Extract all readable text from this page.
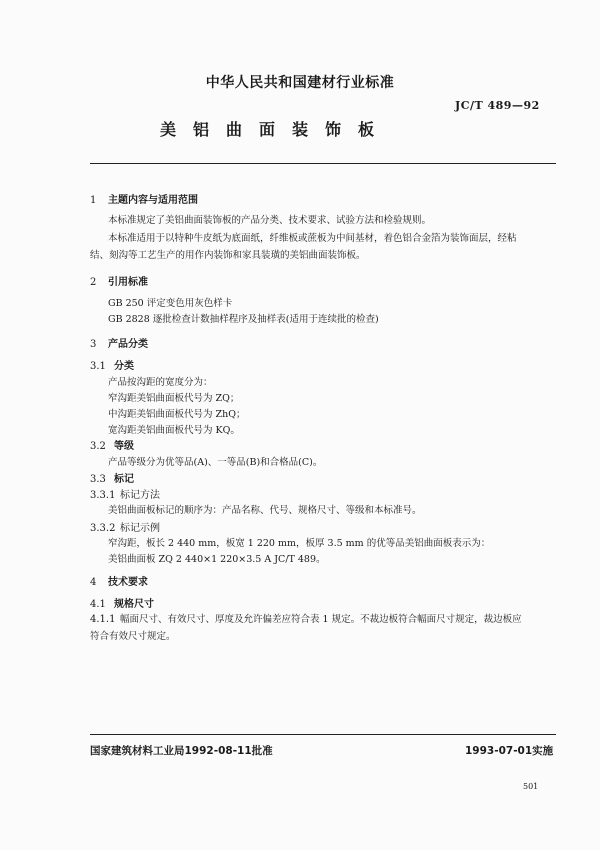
中华人民共和国建材行业标准
JC/T 489—92
美铝曲面装饰板
1 主题内容与适用范围
本标准规定了美铝曲面装饰板的产品分类、技术要求、试验方法和检验规则。
本标准适用于以特种牛皮纸为底面纸，纤维板或蔗板为中间基材，着色铝合金箔为装饰面层，经粘
结、刻沟等工艺生产的用作内装饰和家具装璜的美铝曲面装饰板。
2 引用标准
GB 250 评定变色用灰色样卡
GB 2828 逐批检查计数抽样程序及抽样表(适用于连续批的检查)
3 产品分类
3.1 分类
产品按沟距的宽度分为：
窄沟距美铝曲面板代号为 ZQ；
中沟距美铝曲面板代号为 ZhQ；
宽沟距美铝曲面板代号为 KQ。
3.2 等级
产品等级分为优等品(A)、一等品(B)和合格品(C)。
3.3 标记
3.3.1 标记方法
美铝曲面板标记的顺序为：产品名称、代号、规格尺寸、等级和本标准号。
3.3.2 标记示例
窄沟距，板长 2 440 mm，板宽 1 220 mm，板厚 3.5 mm 的优等品美铝曲面板表示为：
美铝曲面板 ZQ 2 440×1 220×3.5 A JC/T 489。
4 技术要求
4.1 规格尺寸
4.1.1 幅面尺寸、有效尺寸、厚度及允许偏差应符合表 1 规定。不裁边板符合幅面尺寸规定，裁边板应
符合有效尺寸规定。
国家建筑材料工业局1992-08-11批准	1993-07-01实施
501
